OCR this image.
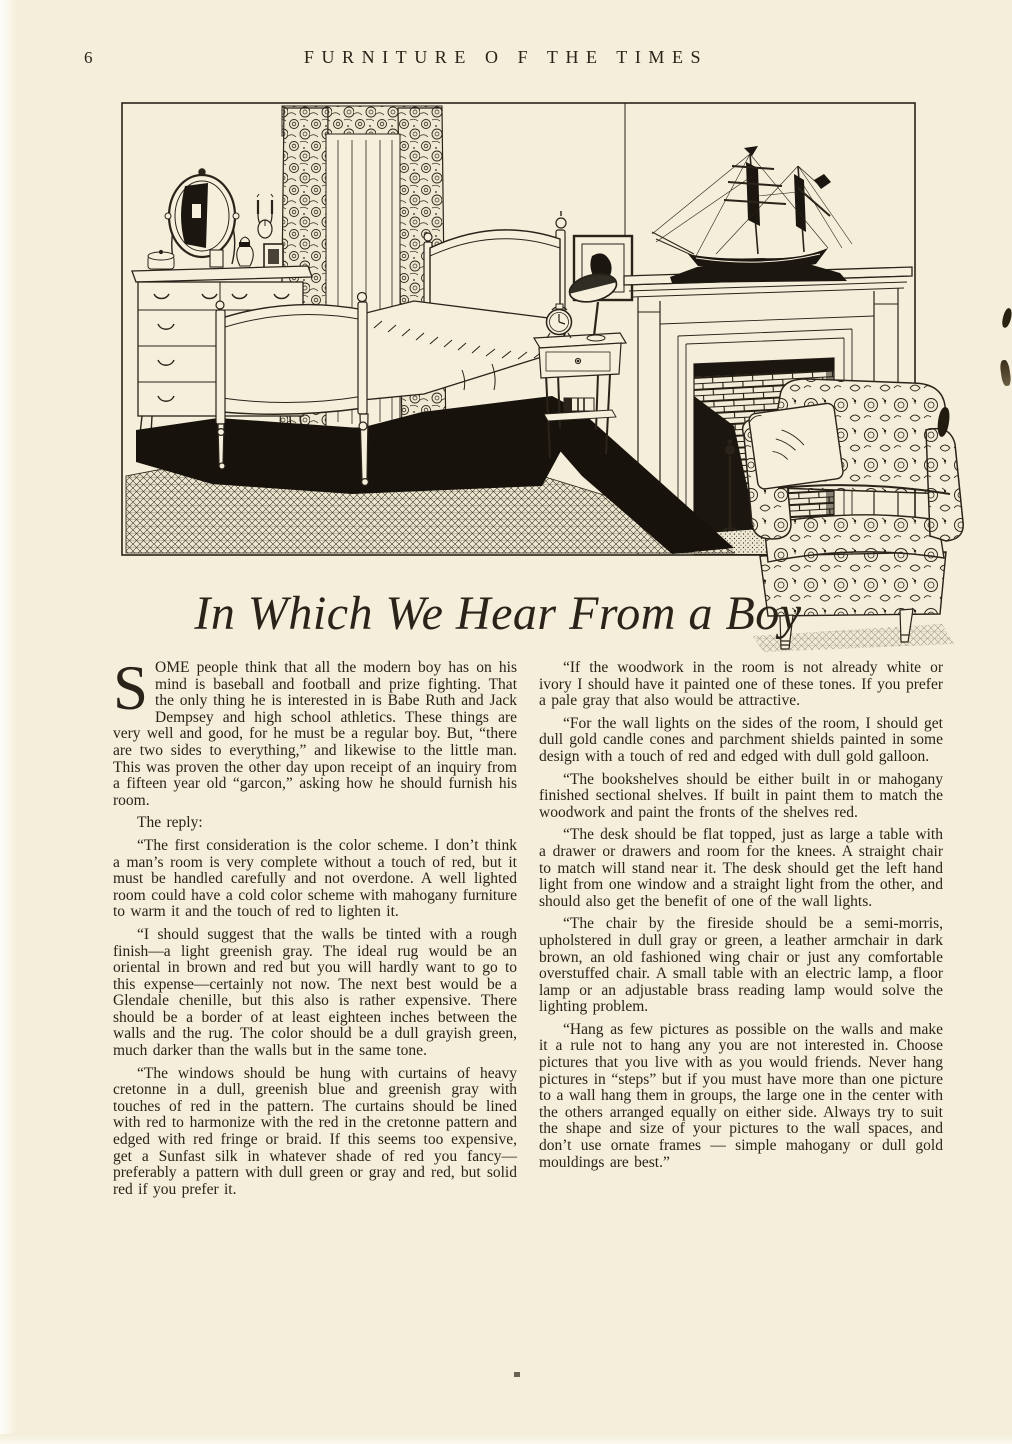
6	FURNITURE O F THE TIMES
In Which We Hear From a Boy

SOME people think that all the modern boy has on his mind is baseball and football and prize fighting. That the only thing he is interested in is Babe Ruth and Jack Dempsey and high school athletics. These things are very well and good, for he must be a regular boy. But, “there are two sides to everything,” and likewise to the little man. This was proven the other day upon receipt of an inquiry from a fifteen year old “garcon,” asking how he should furnish his room.

The reply:

“The first consideration is the color scheme. I don’t think a man’s room is very complete without a touch of red, but it must be handled carefully and not overdone. A well lighted room could have a cold color scheme with mahogany furniture to warm it and the touch of red to lighten it.

“I should suggest that the walls be tinted with a rough finish—a light greenish gray. The ideal rug would be an oriental in brown and red but you will hardly want to go to this expense—certainly not now. The next best would be a Glendale chenille, but this also is rather expensive. There should be a border of at least eighteen inches between the walls and the rug. The color should be a dull grayish green, much darker than the walls but in the same tone.

“The windows should be hung with curtains of heavy cretonne in a dull, greenish blue and greenish gray with touches of red in the pattern. The curtains should be lined with red to harmonize with the red in the cretonne pattern and edged with red fringe or braid. If this seems too expensive, get a Sunfast silk in whatever shade of red you fancy—preferably a pattern with dull green or gray and red, but solid red if you prefer it.

“If the woodwork in the room is not already white or ivory I should have it painted one of these tones. If you prefer a pale gray that also would be attractive.

“For the wall lights on the sides of the room, I should get dull gold candle cones and parchment shields painted in some design with a touch of red and edged with dull gold galloon.

“The bookshelves should be either built in or mahogany finished sectional shelves. If built in paint them to match the woodwork and paint the fronts of the shelves red.

“The desk should be flat topped, just as large a table with a drawer or drawers and room for the knees. A straight chair to match will stand near it. The desk should get the left hand light from one window and a straight light from the other, and should also get the benefit of one of the wall lights.

“The chair by the fireside should be a semi-morris, upholstered in dull gray or green, a leather armchair in dark brown, an old fashioned wing chair or just any comfortable overstuffed chair. A small table with an electric lamp, a floor lamp or an adjustable brass reading lamp would solve the lighting problem.

“Hang as few pictures as possible on the walls and make it a rule not to hang any you are not interested in. Choose pictures that you live with as you would friends. Never hang pictures in “steps” but if you must have more than one picture to a wall hang them in groups, the large one in the center with the others arranged equally on either side. Always try to suit the shape and size of your pictures to the wall spaces, and don’t use ornate frames — simple mahogany or dull gold mouldings are best.”
